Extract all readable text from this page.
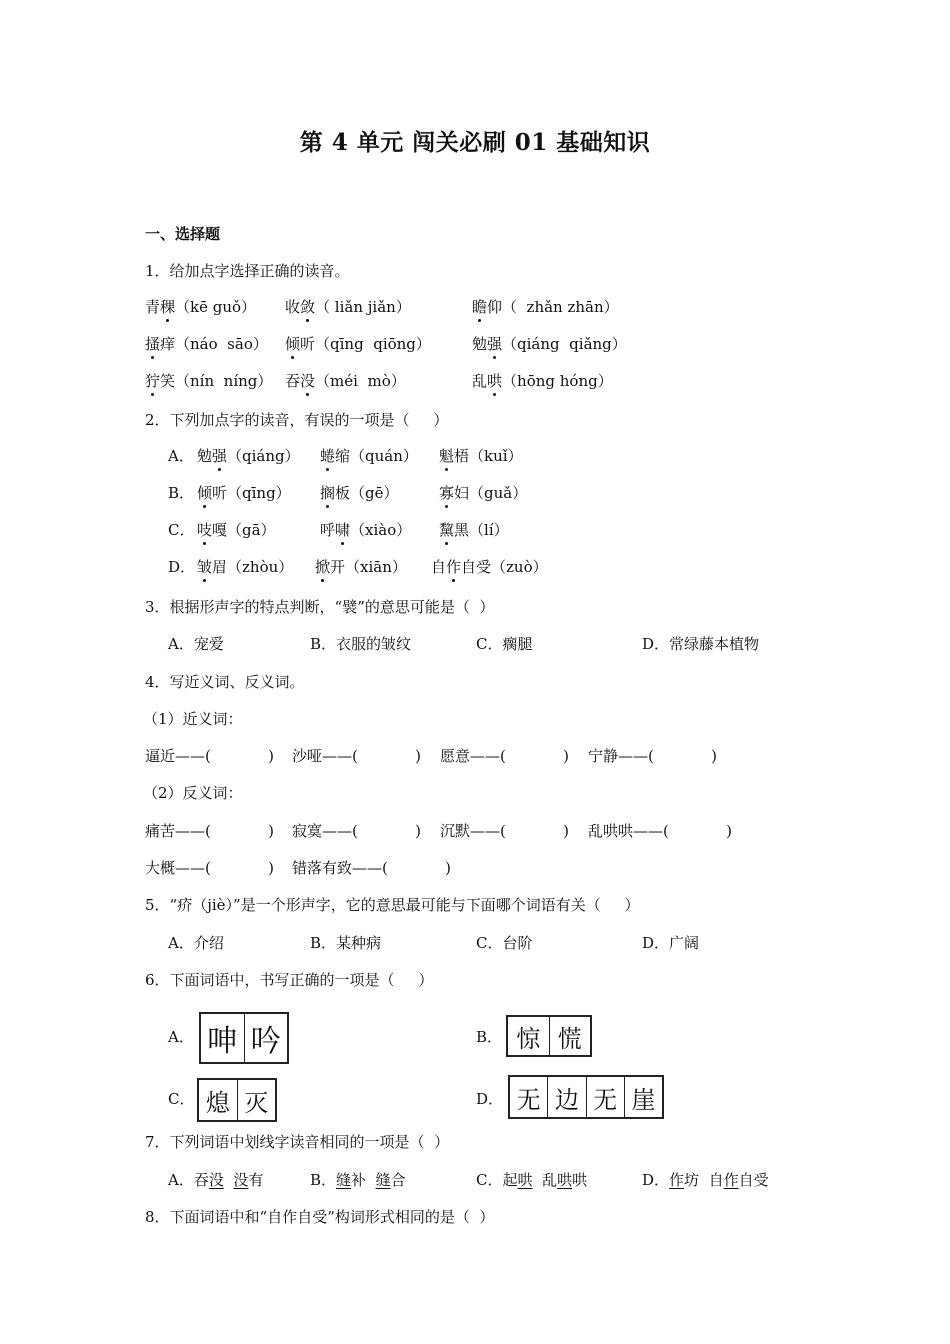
第 4 单元 闯关必刷 01 基础知识
一、选择题
1．给加点字选择正确的读音。
青稞（kē guǒ） 收敛（ liǎn jiǎn）	瞻仰（  zhǎn zhān）
搔痒（náo  sāo） 倾听（qīng  qiōng）	勉强（qiáng  qiǎng）
狞笑（nín  níng） 吞没（méi  mò）	乱哄（hōng hóng）
2．下列加点字的读音，有误的一项是（     ）
A． 勉强（qiáng） 蜷缩（quán） 魁梧（kuǐ）
B． 倾听（qīng） 搁板（gē）	寡妇（guǎ）
C． 吱嘎（gā）	呼啸（xiào） 黧黑（lí）
D． 皱眉（zhòu） 掀开（xiān） 自作自受（zuò）
3．根据形声字的特点判断，“襞”的意思可能是（  ）
A．宠爱	B．衣服的皱纹	C．瘸腿	D．常绿藤本植物
4．写近义词、反义词。
（1）近义词：
逼近——(            ) 沙哑——(            ) 愿意——(            ) 宁静——(            )
（2）反义词：
痛苦——(            ) 寂寞——(            ) 沉默——(            ) 乱哄哄——(            )
大概——(            ) 错落有致——(            )
5．“疥（jiè）”是一个形声字，它的意思最可能与下面哪个词语有关（     ）
A．介绍	B．某种病	C．台阶	D．广阔
6．下面词语中，书写正确的一项是（     ）
A． 呻 吟	B． 惊 慌
C． 熄 灭	D． 无 边 无 崖
7．下列词语中划线字读音相同的一项是（  ）
A．吞没 没有	B．缝补  缝合	C．起哄  乱哄哄	D．作坊  自作自受
8．下面词语中和“自作自受”构词形式相同的是（  ）
